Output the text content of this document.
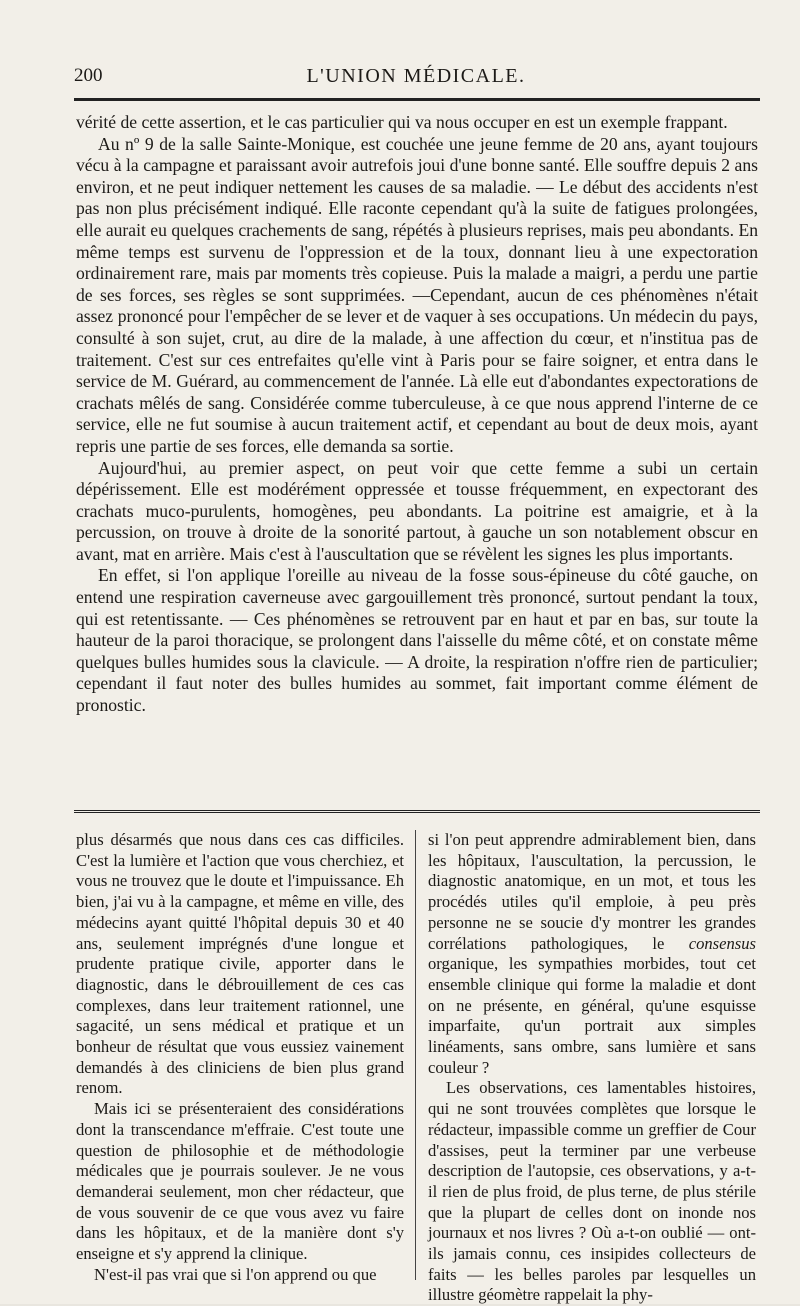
200	L'UNION MÉDICALE.

vérité de cette assertion, et le cas particulier qui va nous occuper en est un exemple frappant.

Au nº 9 de la salle Sainte-Monique, est couchée une jeune femme de 20 ans, ayant toujours vécu à la campagne et paraissant avoir autrefois joui d'une bonne santé. Elle souffre depuis 2 ans environ, et ne peut indiquer nettement les causes de sa maladie. — Le début des accidents n'est pas non plus précisément indiqué. Elle raconte cependant qu'à la suite de fatigues prolongées, elle aurait eu quelques crachements de sang, répétés à plusieurs reprises, mais peu abondants. En même temps est survenu de l'oppression et de la toux, donnant lieu à une expectoration ordinairement rare, mais par moments très copieuse. Puis la malade a maigri, a perdu une partie de ses forces, ses règles se sont supprimées. —Cependant, aucun de ces phénomènes n'était assez prononcé pour l'empêcher de se lever et de vaquer à ses occupations. Un médecin du pays, consulté à son sujet, crut, au dire de la malade, à une affection du cœur, et n'institua pas de traitement. C'est sur ces entrefaites qu'elle vint à Paris pour se faire soigner, et entra dans le service de M. Guérard, au commencement de l'année. Là elle eut d'abondantes expectorations de crachats mêlés de sang. Considérée comme tuberculeuse, à ce que nous apprend l'interne de ce service, elle ne fut soumise à aucun traitement actif, et cependant au bout de deux mois, ayant repris une partie de ses forces, elle demanda sa sortie.

Aujourd'hui, au premier aspect, on peut voir que cette femme a subi un certain dépérissement. Elle est modérément oppressée et tousse fréquemment, en expectorant des crachats muco-purulents, homogènes, peu abondants. La poitrine est amaigrie, et à la percussion, on trouve à droite de la sonorité partout, à gauche un son notablement obscur en avant, mat en arrière. Mais c'est à l'auscultation que se révèlent les signes les plus importants.

En effet, si l'on applique l'oreille au niveau de la fosse sous-épineuse du côté gauche, on entend une respiration caverneuse avec gargouillement très prononcé, surtout pendant la toux, qui est retentissante. — Ces phénomènes se retrouvent par en haut et par en bas, sur toute la hauteur de la paroi thoracique, se prolongent dans l'aisselle du même côté, et on constate même quelques bulles humides sous la clavicule. — A droite, la respiration n'offre rien de particulier; cependant il faut noter des bulles humides au sommet, fait important comme élément de pronostic.

plus désarmés que nous dans ces cas difficiles. C'est la lumière et l'action que vous cherchiez, et vous ne trouvez que le doute et l'impuissance. Eh bien, j'ai vu à la campagne, et même en ville, des médecins ayant quitté l'hôpital depuis 30 et 40 ans, seulement imprégnés d'une longue et prudente pratique civile, apporter dans le diagnostic, dans le débrouillement de ces cas complexes, dans leur traitement rationnel, une sagacité, un sens médical et pratique et un bonheur de résultat que vous eussiez vainement demandés à des cliniciens de bien plus grand renom.

Mais ici se présenteraient des considérations dont la transcendance m'effraie. C'est toute une question de philosophie et de méthodologie médicales que je pourrais soulever. Je ne vous demanderai seulement, mon cher rédacteur, que de vous souvenir de ce que vous avez vu faire dans les hôpitaux, et de la manière dont s'y enseigne et s'y apprend la clinique.

N'est-il pas vrai que si l'on apprend ou que

si l'on peut apprendre admirablement bien, dans les hôpitaux, l'auscultation, la percussion, le diagnostic anatomique, en un mot, et tous les procédés utiles qu'il emploie, à peu près personne ne se soucie d'y montrer les grandes corrélations pathologiques, le consensus organique, les sympathies morbides, tout cet ensemble clinique qui forme la maladie et dont on ne présente, en général, qu'une esquisse imparfaite, qu'un portrait aux simples linéaments, sans ombre, sans lumière et sans couleur ?

Les observations, ces lamentables histoires, qui ne sont trouvées complètes que lorsque le rédacteur, impassible comme un greffier de Cour d'assises, peut la terminer par une verbeuse description de l'autopsie, ces observations, y a-t-il rien de plus froid, de plus terne, de plus stérile que la plupart de celles dont on inonde nos journaux et nos livres ? Où a-t-on oublié — ont-ils jamais connu, ces insipides collecteurs de faits — les belles paroles par lesquelles un illustre géomètre rappelait la phy-
